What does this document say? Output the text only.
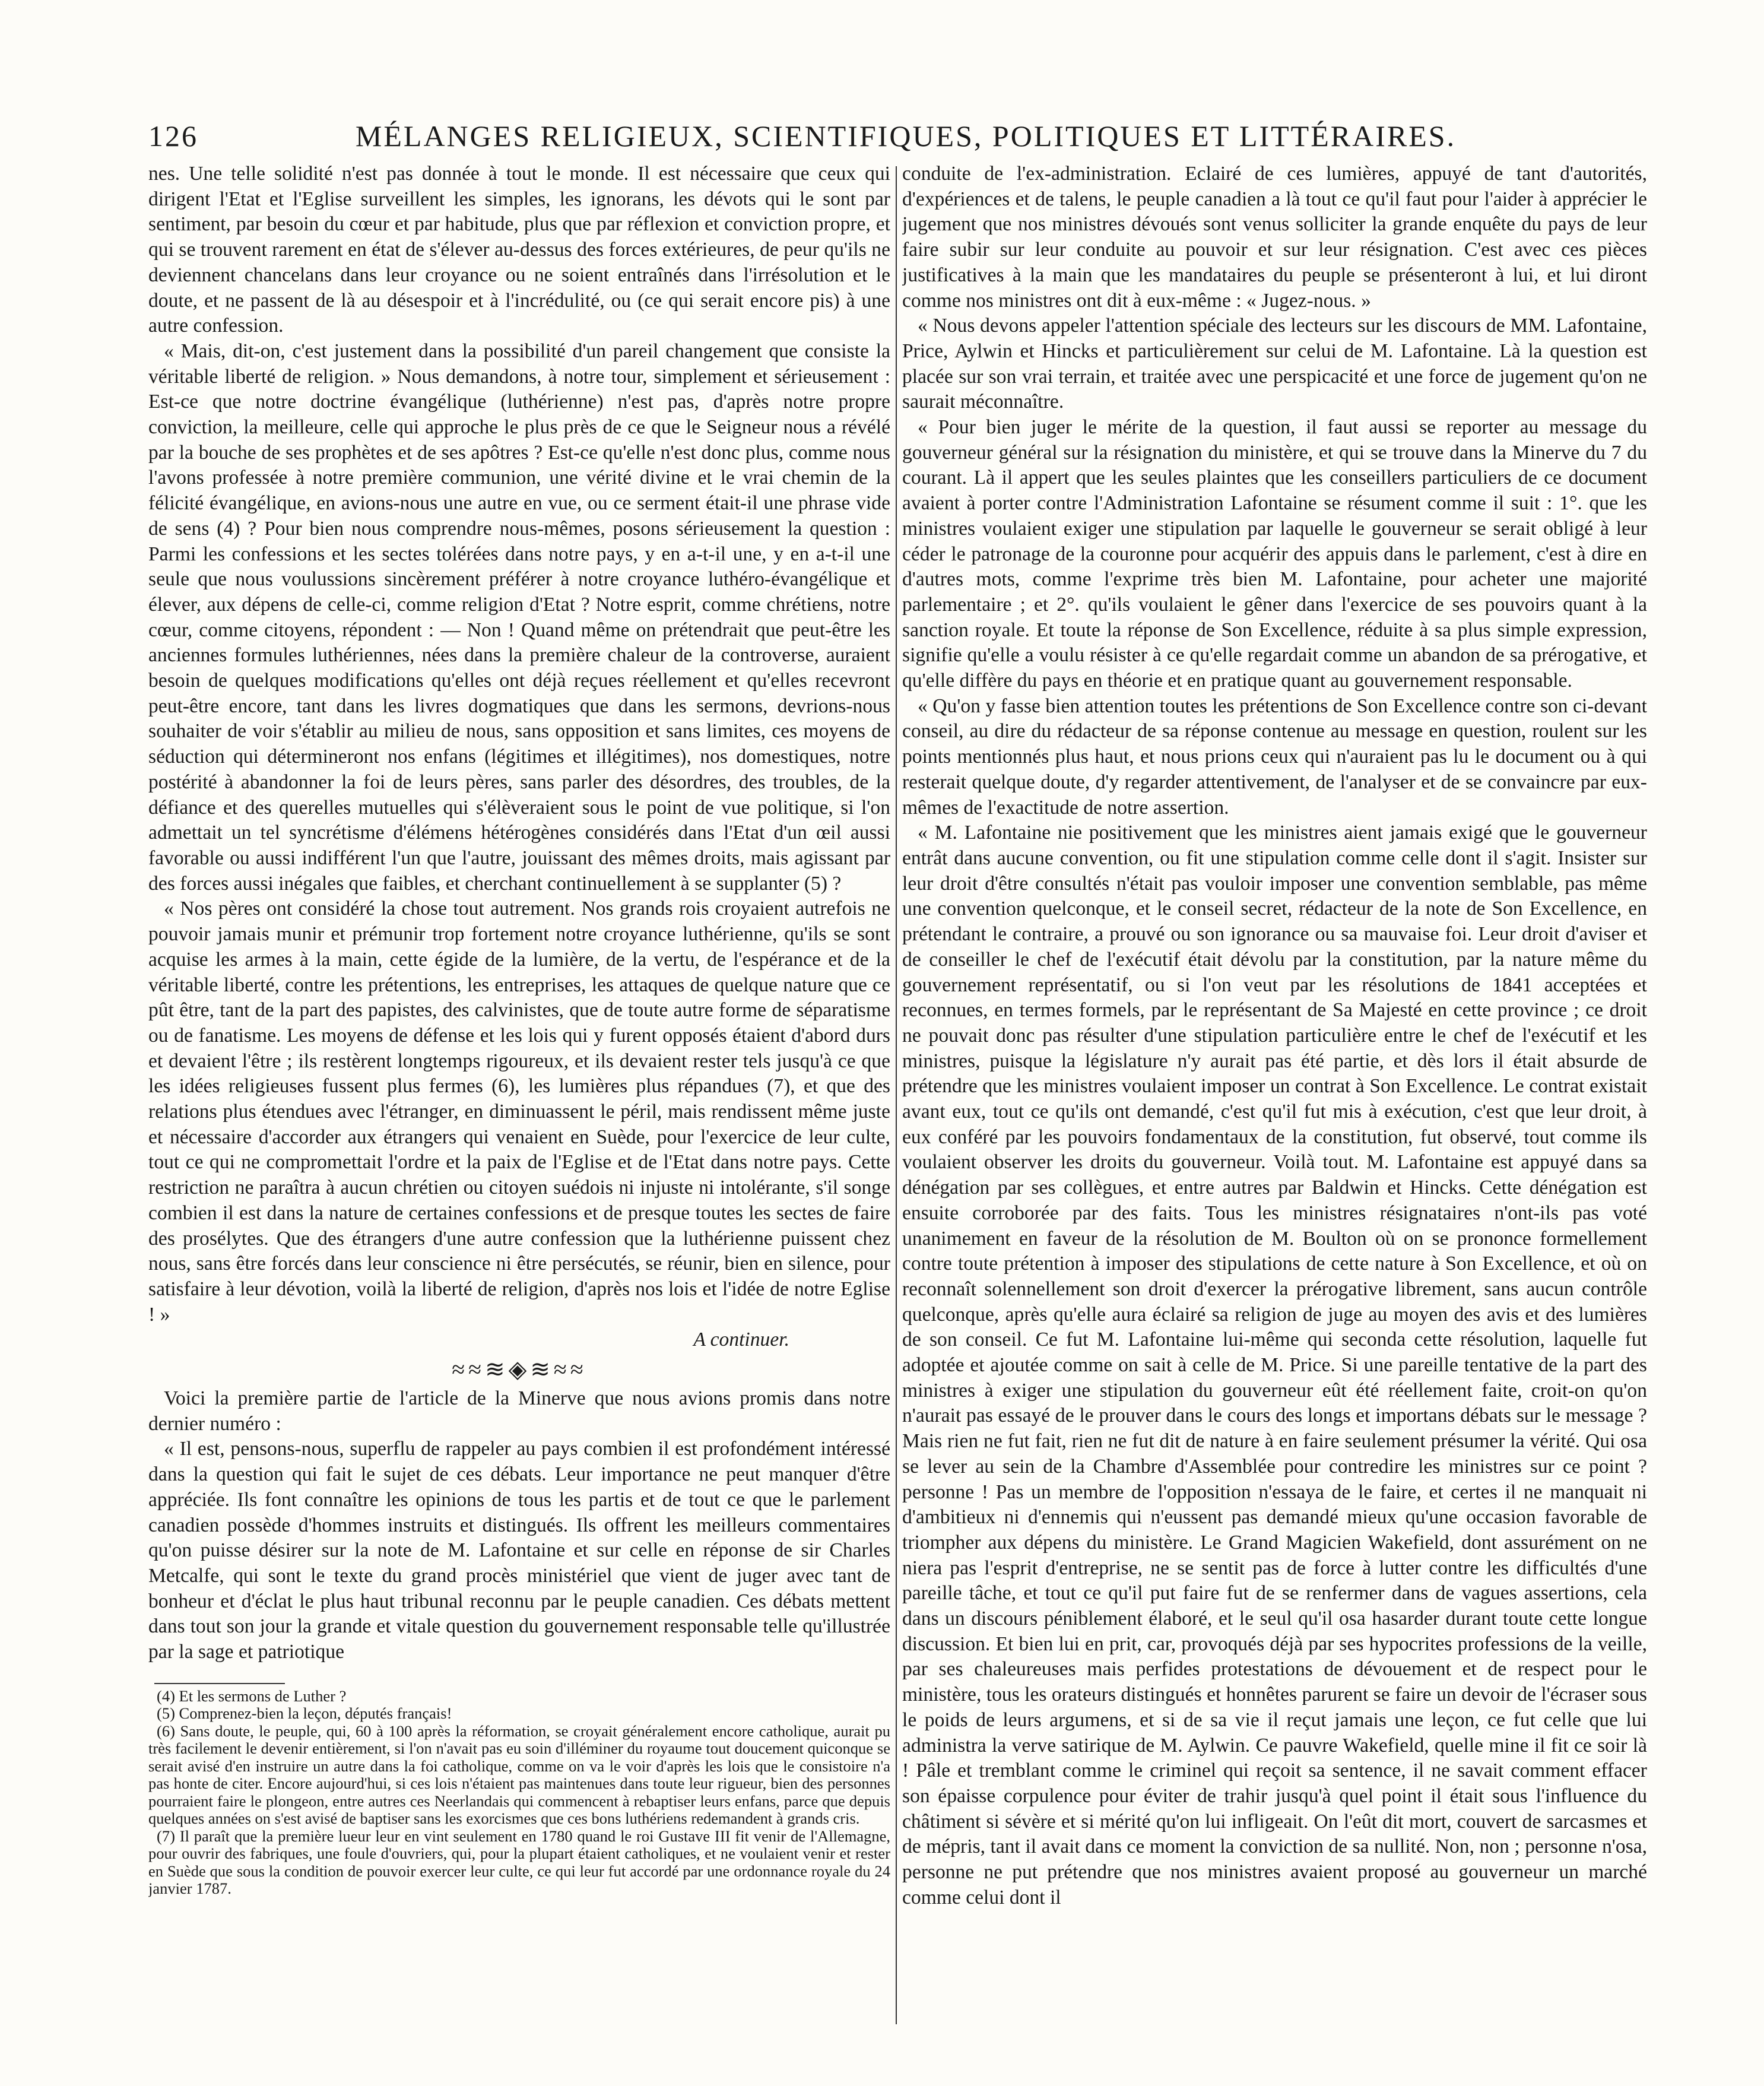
126	MÉLANGES RELIGIEUX, SCIENTIFIQUES, POLITIQUES ET LITTÉRAIRES.

nes. Une telle solidité n'est pas donnée à tout le monde. Il est nécessaire que ceux qui dirigent l'Etat et l'Eglise surveillent les simples, les ignorans, les dévots qui le sont par sentiment, par besoin du cœur et par habitude, plus que par réflexion et conviction propre, et qui se trouvent rarement en état de s'élever au-dessus des forces extérieures, de peur qu'ils ne deviennent chancelans dans leur croyance ou ne soient entraînés dans l'irrésolution et le doute, et ne passent de là au désespoir et à l'incrédulité, ou (ce qui serait encore pis) à une autre confession.

« Mais, dit-on, c'est justement dans la possibilité d'un pareil changement que consiste la véritable liberté de religion. » Nous demandons, à notre tour, simplement et sérieusement : Est-ce que notre doctrine évangélique (luthérienne) n'est pas, d'après notre propre conviction, la meilleure, celle qui approche le plus près de ce que le Seigneur nous a révélé par la bouche de ses prophètes et de ses apôtres ? Est-ce qu'elle n'est donc plus, comme nous l'avons professée à notre première communion, une vérité divine et le vrai chemin de la félicité évangélique, en avions-nous une autre en vue, ou ce serment était-il une phrase vide de sens (4) ? Pour bien nous comprendre nous-mêmes, posons sérieusement la question : Parmi les confessions et les sectes tolérées dans notre pays, y en a-t-il une, y en a-t-il une seule que nous voulussions sincèrement préférer à notre croyance luthéro-évangélique et élever, aux dépens de celle-ci, comme religion d'Etat ? Notre esprit, comme chrétiens, notre cœur, comme citoyens, répondent : — Non ! Quand même on prétendrait que peut-être les anciennes formules luthériennes, nées dans la première chaleur de la controverse, auraient besoin de quelques modifications qu'elles ont déjà reçues réellement et qu'elles recevront peut-être encore, tant dans les livres dogmatiques que dans les sermons, devrions-nous souhaiter de voir s'établir au milieu de nous, sans opposition et sans limites, ces moyens de séduction qui détermineront nos enfans (légitimes et illégitimes), nos domestiques, notre postérité à abandonner la foi de leurs pères, sans parler des désordres, des troubles, de la défiance et des querelles mutuelles qui s'élèveraient sous le point de vue politique, si l'on admettait un tel syncrétisme d'élémens hétérogènes considérés dans l'Etat d'un œil aussi favorable ou aussi indifférent l'un que l'autre, jouissant des mêmes droits, mais agissant par des forces aussi inégales que faibles, et cherchant continuellement à se supplanter (5) ?

« Nos pères ont considéré la chose tout autrement. Nos grands rois croyaient autrefois ne pouvoir jamais munir et prémunir trop fortement notre croyance luthérienne, qu'ils se sont acquise les armes à la main, cette égide de la lumière, de la vertu, de l'espérance et de la véritable liberté, contre les prétentions, les entreprises, les attaques de quelque nature que ce pût être, tant de la part des papistes, des calvinistes, que de toute autre forme de séparatisme ou de fanatisme. Les moyens de défense et les lois qui y furent opposés étaient d'abord durs et devaient l'être ; ils restèrent longtemps rigoureux, et ils devaient rester tels jusqu'à ce que les idées religieuses fussent plus fermes (6), les lumières plus répandues (7), et que des relations plus étendues avec l'étranger, en diminuassent le péril, mais rendissent même juste et nécessaire d'accorder aux étrangers qui venaient en Suède, pour l'exercice de leur culte, tout ce qui ne compromettait l'ordre et la paix de l'Eglise et de l'Etat dans notre pays. Cette restriction ne paraîtra à aucun chrétien ou citoyen suédois ni injuste ni intolérante, s'il songe combien il est dans la nature de certaines confessions et de presque toutes les sectes de faire des prosélytes. Que des étrangers d'une autre confession que la luthérienne puissent chez nous, sans être forcés dans leur conscience ni être persécutés, se réunir, bien en silence, pour satisfaire à leur dévotion, voilà la liberté de religion, d'après nos lois et l'idée de notre Eglise ! »

A continuer.

≈≈≋◈≋≈≈

Voici la première partie de l'article de la Minerve que nous avions promis dans notre dernier numéro :

« Il est, pensons-nous, superflu de rappeler au pays combien il est profondément intéressé dans la question qui fait le sujet de ces débats. Leur importance ne peut manquer d'être appréciée. Ils font connaître les opinions de tous les partis et de tout ce que le parlement canadien possède d'hommes instruits et distingués. Ils offrent les meilleurs commentaires qu'on puisse désirer sur la note de M. Lafontaine et sur celle en réponse de sir Charles Metcalfe, qui sont le texte du grand procès ministériel que vient de juger avec tant de bonheur et d'éclat le plus haut tribunal reconnu par le peuple canadien. Ces débats mettent dans tout son jour la grande et vitale question du gouvernement responsable telle qu'illustrée par la sage et patriotique

(4) Et les sermons de Luther ?

(5) Comprenez-bien la leçon, députés français!

(6) Sans doute, le peuple, qui, 60 à 100 après la réformation, se croyait généralement encore catholique, aurait pu très facilement le devenir entièrement, si l'on n'avait pas eu soin d'illéminer du royaume tout doucement quiconque se serait avisé d'en instruire un autre dans la foi catholique, comme on va le voir d'après les lois que le consistoire n'a pas honte de citer. Encore aujourd'hui, si ces lois n'étaient pas maintenues dans toute leur rigueur, bien des personnes pourraient faire le plongeon, entre autres ces Neerlandais qui commencent à rebaptiser leurs enfans, parce que depuis quelques années on s'est avisé de baptiser sans les exorcismes que ces bons luthériens redemandent à grands cris.

(7) Il paraît que la première lueur leur en vint seulement en 1780 quand le roi Gustave III fit venir de l'Allemagne, pour ouvrir des fabriques, une foule d'ouvriers, qui, pour la plupart étaient catholiques, et ne voulaient venir et rester en Suède que sous la condition de pouvoir exercer leur culte, ce qui leur fut accordé par une ordonnance royale du 24 janvier 1787.

conduite de l'ex-administration. Eclairé de ces lumières, appuyé de tant d'autorités, d'expériences et de talens, le peuple canadien a là tout ce qu'il faut pour l'aider à apprécier le jugement que nos ministres dévoués sont venus solliciter la grande enquête du pays de leur faire subir sur leur conduite au pouvoir et sur leur résignation. C'est avec ces pièces justificatives à la main que les mandataires du peuple se présenteront à lui, et lui diront comme nos ministres ont dit à eux-même : « Jugez-nous. »

« Nous devons appeler l'attention spéciale des lecteurs sur les discours de MM. Lafontaine, Price, Aylwin et Hincks et particulièrement sur celui de M. Lafontaine. Là la question est placée sur son vrai terrain, et traitée avec une perspicacité et une force de jugement qu'on ne saurait méconnaître.

« Pour bien juger le mérite de la question, il faut aussi se reporter au message du gouverneur général sur la résignation du ministère, et qui se trouve dans la Minerve du 7 du courant. Là il appert que les seules plaintes que les conseillers particuliers de ce document avaient à porter contre l'Administration Lafontaine se résument comme il suit : 1°. que les ministres voulaient exiger une stipulation par laquelle le gouverneur se serait obligé à leur céder le patronage de la couronne pour acquérir des appuis dans le parlement, c'est à dire en d'autres mots, comme l'exprime très bien M. Lafontaine, pour acheter une majorité parlementaire ; et 2°. qu'ils voulaient le gêner dans l'exercice de ses pouvoirs quant à la sanction royale. Et toute la réponse de Son Excellence, réduite à sa plus simple expression, signifie qu'elle a voulu résister à ce qu'elle regardait comme un abandon de sa prérogative, et qu'elle diffère du pays en théorie et en pratique quant au gouvernement responsable.

« Qu'on y fasse bien attention toutes les prétentions de Son Excellence contre son ci-devant conseil, au dire du rédacteur de sa réponse contenue au message en question, roulent sur les points mentionnés plus haut, et nous prions ceux qui n'auraient pas lu le document ou à qui resterait quelque doute, d'y regarder attentivement, de l'analyser et de se convaincre par eux-mêmes de l'exactitude de notre assertion.

« M. Lafontaine nie positivement que les ministres aient jamais exigé que le gouverneur entrât dans aucune convention, ou fit une stipulation comme celle dont il s'agit. Insister sur leur droit d'être consultés n'était pas vouloir imposer une convention semblable, pas même une convention quelconque, et le conseil secret, rédacteur de la note de Son Excellence, en prétendant le contraire, a prouvé ou son ignorance ou sa mauvaise foi. Leur droit d'aviser et de conseiller le chef de l'exécutif était dévolu par la constitution, par la nature même du gouvernement représentatif, ou si l'on veut par les résolutions de 1841 acceptées et reconnues, en termes formels, par le représentant de Sa Majesté en cette province ; ce droit ne pouvait donc pas résulter d'une stipulation particulière entre le chef de l'exécutif et les ministres, puisque la législature n'y aurait pas été partie, et dès lors il était absurde de prétendre que les ministres voulaient imposer un contrat à Son Excellence. Le contrat existait avant eux, tout ce qu'ils ont demandé, c'est qu'il fut mis à exécution, c'est que leur droit, à eux conféré par les pouvoirs fondamentaux de la constitution, fut observé, tout comme ils voulaient observer les droits du gouverneur. Voilà tout. M. Lafontaine est appuyé dans sa dénégation par ses collègues, et entre autres par Baldwin et Hincks. Cette dénégation est ensuite corroborée par des faits. Tous les ministres résignataires n'ont-ils pas voté unanimement en faveur de la résolution de M. Boulton où on se prononce formellement contre toute prétention à imposer des stipulations de cette nature à Son Excellence, et où on reconnaît solennellement son droit d'exercer la prérogative librement, sans aucun contrôle quelconque, après qu'elle aura éclairé sa religion de juge au moyen des avis et des lumières de son conseil. Ce fut M. Lafontaine lui-même qui seconda cette résolution, laquelle fut adoptée et ajoutée comme on sait à celle de M. Price. Si une pareille tentative de la part des ministres à exiger une stipulation du gouverneur eût été réellement faite, croit-on qu'on n'aurait pas essayé de le prouver dans le cours des longs et importans débats sur le message ? Mais rien ne fut fait, rien ne fut dit de nature à en faire seulement présumer la vérité. Qui osa se lever au sein de la Chambre d'Assemblée pour contredire les ministres sur ce point ? personne ! Pas un membre de l'opposition n'essaya de le faire, et certes il ne manquait ni d'ambitieux ni d'ennemis qui n'eussent pas demandé mieux qu'une occasion favorable de triompher aux dépens du ministère. Le Grand Magicien Wakefield, dont assurément on ne niera pas l'esprit d'entreprise, ne se sentit pas de force à lutter contre les difficultés d'une pareille tâche, et tout ce qu'il put faire fut de se renfermer dans de vagues assertions, cela dans un discours péniblement élaboré, et le seul qu'il osa hasarder durant toute cette longue discussion. Et bien lui en prit, car, provoqués déjà par ses hypocrites professions de la veille, par ses chaleureuses mais perfides protestations de dévouement et de respect pour le ministère, tous les orateurs distingués et honnêtes parurent se faire un devoir de l'écraser sous le poids de leurs argumens, et si de sa vie il reçut jamais une leçon, ce fut celle que lui administra la verve satirique de M. Aylwin. Ce pauvre Wakefield, quelle mine il fit ce soir là ! Pâle et tremblant comme le criminel qui reçoit sa sentence, il ne savait comment effacer son épaisse corpulence pour éviter de trahir jusqu'à quel point il était sous l'influence du châtiment si sévère et si mérité qu'on lui infligeait. On l'eût dit mort, couvert de sarcasmes et de mépris, tant il avait dans ce moment la conviction de sa nullité. Non, non ; personne n'osa, personne ne put prétendre que nos ministres avaient proposé au gouverneur un marché comme celui dont il
